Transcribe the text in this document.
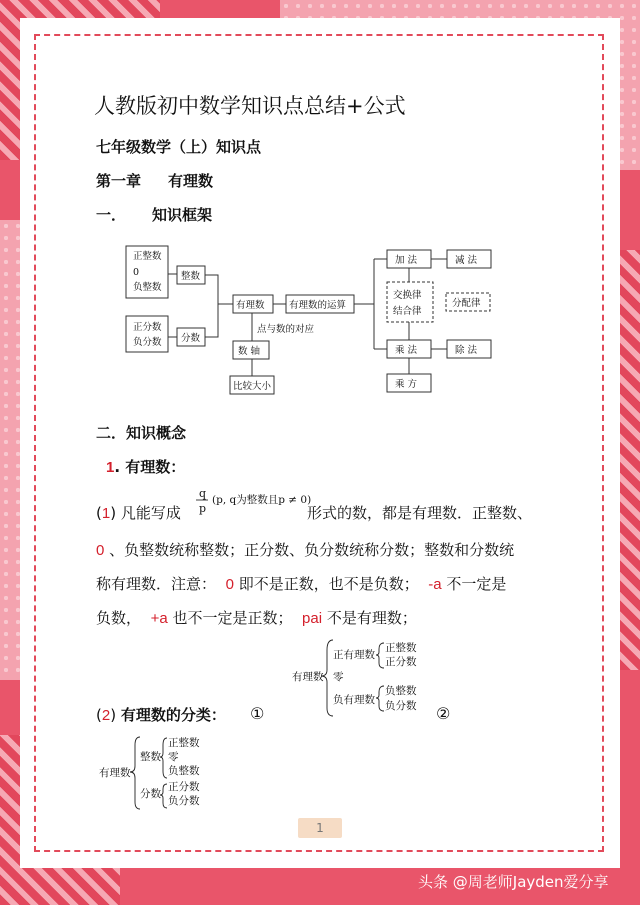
人教版初中数学知识点总结+公式
七年级数学（上）知识点
第一章 有理数
一． 知识框架
正整数
0
负整数
正分数
负分数
整数
分数
有理数	有理数的运算
点与数的对应
数 轴
比较大小
加 法	减 法
交换律
结合律
分配律
乘 法	除 法
乘 方
q
p
(p, q为整数且p ≠ 0)
有理数
正有理数
零
负有理数
正整数
正分数
负整数
负分数
有理数
整数
分数
正整数
零
负整数
正分数
负分数
二．知识概念
1. 有理数：
(1) 凡能写成	形式的数，都是有理数．正整数、
0 、负整数统称整数；正分数、负分数统称分数；整数和分数统
称有理数．注意： 0 即不是正数，也不是负数； -a 不一定是
负数， +a 也不一定是正数； pai 不是有理数；
(2) 有理数的分类： ①	②
1
头条 @周老师Jayden爱分享
